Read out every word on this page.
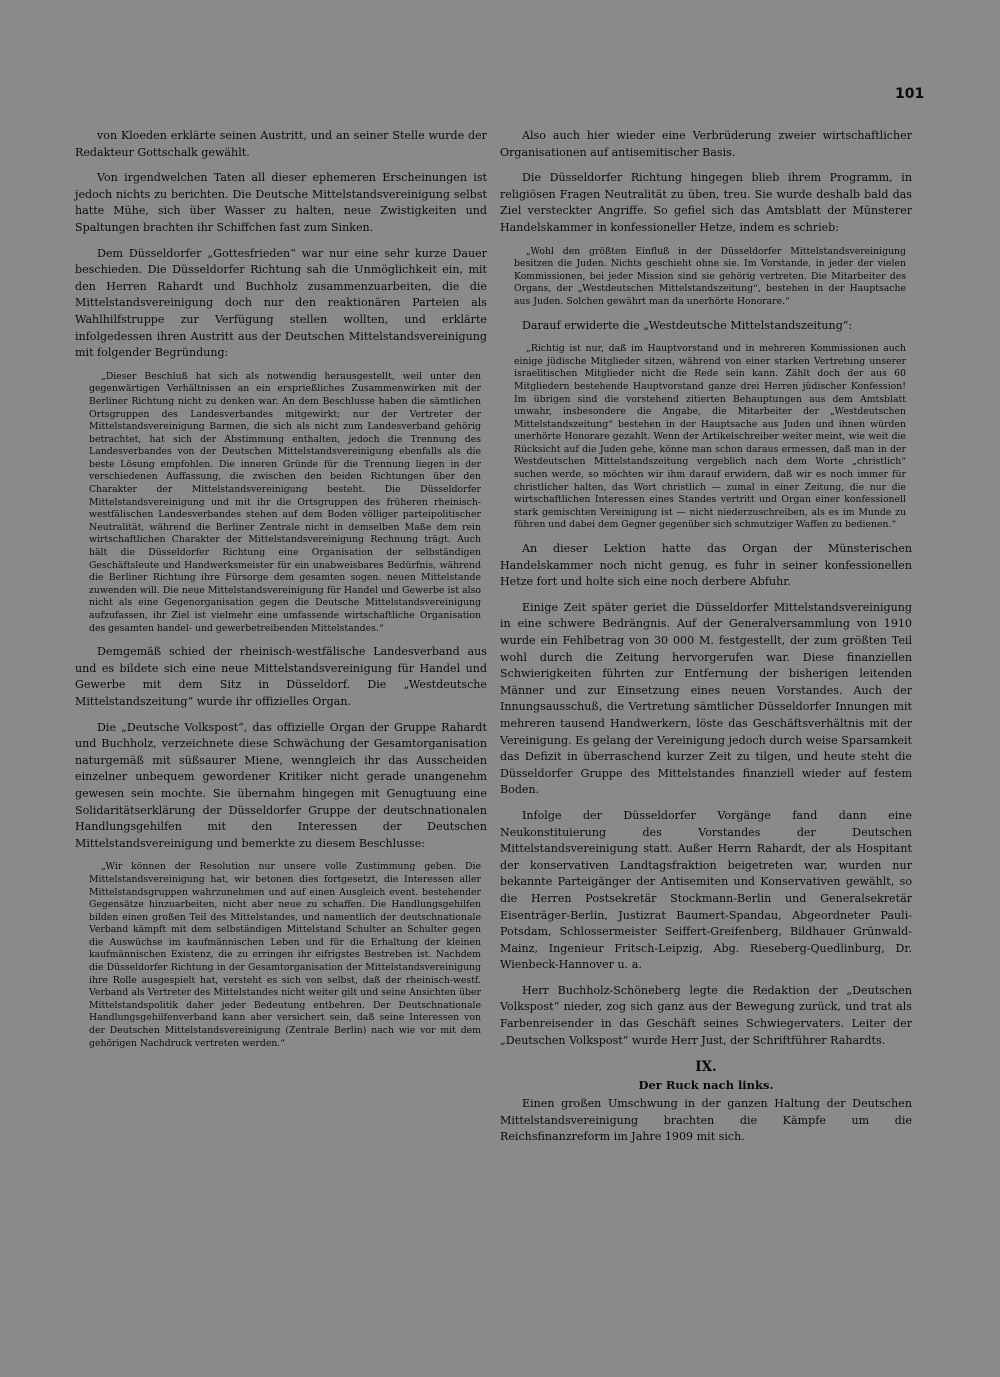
101

von Kloeden erklärte seinen Austritt, und an seiner Stelle wurde der Redakteur Gottschalk gewählt.

Von irgendwelchen Taten all dieser ephemeren Erscheinungen ist jedoch nichts zu berichten. Die Deutsche Mittelstandsvereinigung selbst hatte Mühe, sich über Wasser zu halten, neue Zwistigkeiten und Spaltungen brachten ihr Schiffchen fast zum Sinken.

Dem Düsseldorfer „Gottesfrieden“ war nur eine sehr kurze Dauer beschieden. Die Düsseldorfer Richtung sah die Unmöglichkeit ein, mit den Herren Rahardt und Buchholz zusammenzuarbeiten, die die Mittelstandsvereinigung doch nur den reaktionären Parteien als Wahlhilfstruppe zur Verfügung stellen wollten, und erklärte infolgedessen ihren Austritt aus der Deutschen Mittelstandsvereinigung mit folgender Begründung:

„Dieser Beschluß hat sich als notwendig herausgestellt, weil unter den gegenwärtigen Verhältnissen an ein ersprießliches Zusammenwirken mit der Berliner Richtung nicht zu denken war. An dem Beschlusse haben die sämtlichen Ortsgruppen des Landesverbandes mitgewirkt; nur der Vertreter der Mittelstandsvereinigung Barmen, die sich als nicht zum Landesverband gehörig betrachtet, hat sich der Abstimmung enthalten, jedoch die Trennung des Landesverbandes von der Deutschen Mittelstandsvereinigung ebenfalls als die beste Lösung empfohlen. Die inneren Gründe für die Trennung liegen in der verschiedenen Auffassung, die zwischen den beiden Richtungen über den Charakter der Mittelstandsvereinigung besteht. Die Düsseldorfer Mittelstandsvereinigung und mit ihr die Ortsgruppen des früheren rheinisch-westfälischen Landesverbandes stehen auf dem Boden völliger parteipolitischer Neutralität, während die Berliner Zentrale nicht in demselben Maße dem rein wirtschaftlichen Charakter der Mittelstandsvereinigung Rechnung trägt. Auch hält die Düsseldorfer Richtung eine Organisation der selbständigen Geschäftsleute und Handwerksmeister für ein unabweisbares Bedürfnis, während die Berliner Richtung ihre Fürsorge dem gesamten sogen. neuen Mittelstande zuwenden will. Die neue Mittelstandsvereinigung für Handel und Gewerbe ist also nicht als eine Gegenorganisation gegen die Deutsche Mittelstandsvereinigung aufzufassen, ihr Ziel ist vielmehr eine umfassende wirtschaftliche Organisation des gesamten handel- und gewerbetreibenden Mittelstandes.“

Demgemäß schied der rheinisch-westfälische Landesverband aus und es bildete sich eine neue Mittelstandsvereinigung für Handel und Gewerbe mit dem Sitz in Düsseldorf. Die „Westdeutsche Mittelstandszeitung“ wurde ihr offizielles Organ.

Die „Deutsche Volkspost“, das offizielle Organ der Gruppe Rahardt und Buchholz, verzeichnete diese Schwächung der Gesamtorganisation naturgemäß mit süßsaurer Miene, wenngleich ihr das Ausscheiden einzelner unbequem gewordener Kritiker nicht gerade unangenehm gewesen sein mochte. Sie übernahm hingegen mit Genugtuung eine Solidaritätserklärung der Düsseldorfer Gruppe der deutschnationalen Handlungsgehilfen mit den Interessen der Deutschen Mittelstandsvereinigung und bemerkte zu diesem Beschlusse:

„Wir können der Resolution nur unsere volle Zustimmung geben. Die Mittelstandsvereinigung hat, wir betonen dies fortgesetzt, die Interessen aller Mittelstandsgruppen wahrzunehmen und auf einen Ausgleich event. bestehender Gegensätze hinzuarbeiten, nicht aber neue zu schaffen. Die Handlungsgehilfen bilden einen großen Teil des Mittelstandes, und namentlich der deutschnationale Verband kämpft mit dem selbständigen Mittelstand Schulter an Schulter gegen die Auswüchse im kaufmännischen Leben und für die Erhaltung der kleinen kaufmännischen Existenz, die zu erringen ihr eifrigstes Bestreben ist. Nachdem die Düsseldorfer Richtung in der Gesamtorganisation der Mittelstandsvereinigung ihre Rolle ausgespielt hat, versteht es sich von selbst, daß der rheinisch-westf. Verband als Vertreter des Mittelstandes nicht weiter gilt und seine Ansichten über Mittelstandspolitik daher jeder Bedeutung entbehren. Der Deutschnationale Handlungsgehilfenverband kann aber versichert sein, daß seine Interessen von der Deutschen Mittelstandsvereinigung (Zentrale Berlin) nach wie vor mit dem gehörigen Nachdruck vertreten werden.“

Also auch hier wieder eine Verbrüderung zweier wirtschaftlicher Organisationen auf antisemitischer Basis.

Die Düsseldorfer Richtung hingegen blieb ihrem Programm, in religiösen Fragen Neutralität zu üben, treu. Sie wurde deshalb bald das Ziel versteckter Angriffe. So gefiel sich das Amtsblatt der Münsterer Handelskammer in konfessioneller Hetze, indem es schrieb:

„Wohl den größten Einfluß in der Düsseldorfer Mittelstandsvereinigung besitzen die Juden. Nichts geschieht ohne sie. Im Vorstande, in jeder der vielen Kommissionen, bei jeder Mission sind sie gehörig vertreten. Die Mitarbeiter des Organs, der „Westdeutschen Mittelstandszeitung“, bestehen in der Hauptsache aus Juden. Solchen gewährt man da unerhörte Honorare.“

Darauf erwiderte die „Westdeutsche Mittelstandszeitung“:

„Richtig ist nur, daß im Hauptvorstand und in mehreren Kommissionen auch einige jüdische Mitglieder sitzen, während von einer starken Vertretung unserer israelitischen Mitglieder nicht die Rede sein kann. Zählt doch der aus 60 Mitgliedern bestehende Hauptvorstand ganze drei Herren jüdischer Konfession! Im übrigen sind die vorstehend zitierten Behauptungen aus dem Amtsblatt unwahr, insbesondere die Angabe, die Mitarbeiter der „Westdeutschen Mittelstandszeitung“ bestehen in der Hauptsache aus Juden und ihnen würden unerhörte Honorare gezahlt. Wenn der Artikelschreiber weiter meint, wie weit die Rücksicht auf die Juden gehe, könne man schon daraus ermessen, daß man in der Westdeutschen Mittelstandszeitung vergeblich nach dem Worte „christlich“ suchen werde, so möchten wir ihm darauf erwidern, daß wir es noch immer für christlicher halten, das Wort christlich — zumal in einer Zeitung, die nur die wirtschaftlichen Interessen eines Standes vertritt und Organ einer konfessionell stark gemischten Vereinigung ist — nicht niederzuschreiben, als es im Munde zu führen und dabei dem Gegner gegenüber sich schmutziger Waffen zu bedienen.“

An dieser Lektion hatte das Organ der Münsterischen Handelskammer noch nicht genug, es fuhr in seiner konfessionellen Hetze fort und holte sich eine noch derbere Abfuhr.

Einige Zeit später geriet die Düsseldorfer Mittelstandsvereinigung in eine schwere Bedrängnis. Auf der Generalversammlung von 1910 wurde ein Fehlbetrag von 30 000 M. festgestellt, der zum größten Teil wohl durch die Zeitung hervorgerufen war. Diese finanziellen Schwierigkeiten führten zur Entfernung der bisherigen leitenden Männer und zur Einsetzung eines neuen Vorstandes. Auch der Innungsausschuß, die Vertretung sämtlicher Düsseldorfer Innungen mit mehreren tausend Handwerkern, löste das Geschäftsverhältnis mit der Vereinigung. Es gelang der Vereinigung jedoch durch weise Sparsamkeit das Defizit in überraschend kurzer Zeit zu tilgen, und heute steht die Düsseldorfer Gruppe des Mittelstandes finanziell wieder auf festem Boden.

Infolge der Düsseldorfer Vorgänge fand dann eine Neukonstituierung des Vorstandes der Deutschen Mittelstandsvereinigung statt. Außer Herrn Rahardt, der als Hospitant der konservativen Landtagsfraktion beigetreten war, wurden nur bekannte Parteigänger der Antisemiten und Konservativen gewählt, so die Herren Postsekretär Stockmann-Berlin und Generalsekretär Eisenträger-Berlin, Justizrat Baumert-Spandau, Abgeordneter Pauli-Potsdam, Schlossermeister Seiffert-Greifenberg, Bildhauer Grünwald-Mainz, Ingenieur Fritsch-Leipzig, Abg. Rieseberg-Quedlinburg, Dr. Wienbeck-Hannover u. a.

Herr Buchholz-Schöneberg legte die Redaktion der „Deutschen Volkspost“ nieder, zog sich ganz aus der Bewegung zurück, und trat als Farbenreisender in das Geschäft seines Schwiegervaters. Leiter der „Deutschen Volkspost“ wurde Herr Just, der Schriftführer Rahardts.

IX.
Der Ruck nach links.

Einen großen Umschwung in der ganzen Haltung der Deutschen Mittelstandsvereinigung brachten die Kämpfe um die Reichsfinanzreform im Jahre 1909 mit sich.
